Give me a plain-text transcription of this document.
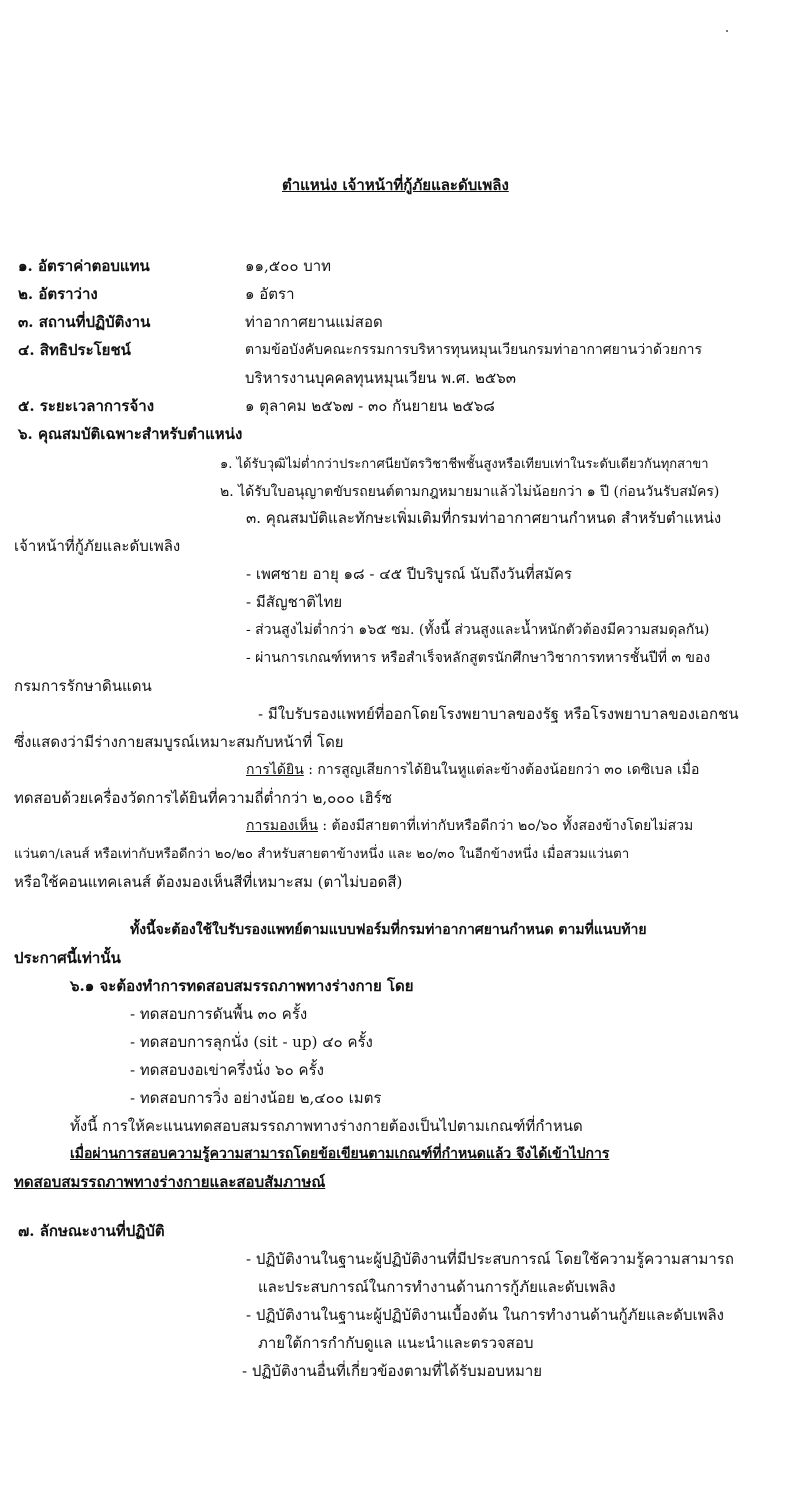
ตำแหน่ง เจ้าหน้าที่กู้ภัยและดับเพลิง
๑. อัตราค่าตอบแทน	๑๑,๕๐๐ บาท
๒. อัตราว่าง	๑ อัตรา
๓. สถานที่ปฏิบัติงาน	ท่าอากาศยานแม่สอด
๔. สิทธิประโยชน์	ตามข้อบังคับคณะกรรมการบริหารทุนหมุนเวียนกรมท่าอากาศยานว่าด้วยการ
บริหารงานบุคคลทุนหมุนเวียน พ.ศ. ๒๕๖๓
๕. ระยะเวลาการจ้าง	๑ ตุลาคม ๒๕๖๗ - ๓๐ กันยายน ๒๕๖๘
๖. คุณสมบัติเฉพาะสำหรับตำแหน่ง
๑. ได้รับวุฒิไม่ต่ำกว่าประกาศนียบัตรวิชาชีพชั้นสูงหรือเทียบเท่าในระดับเดียวกันทุกสาขา
๒. ได้รับใบอนุญาตขับรถยนต์ตามกฎหมายมาแล้วไม่น้อยกว่า ๑ ปี (ก่อนวันรับสมัคร)
๓. คุณสมบัติและทักษะเพิ่มเติมที่กรมท่าอากาศยานกำหนด สำหรับตำแหน่ง
เจ้าหน้าที่กู้ภัยและดับเพลิง
- เพศชาย อายุ ๑๘ - ๔๕ ปีบริบูรณ์ นับถึงวันที่สมัคร
- มีสัญชาติไทย
- ส่วนสูงไม่ต่ำกว่า ๑๖๕ ซม. (ทั้งนี้ ส่วนสูงและน้ำหนักตัวต้องมีความสมดุลกัน)
- ผ่านการเกณฑ์ทหาร หรือสำเร็จหลักสูตรนักศึกษาวิชาการทหารชั้นปีที่ ๓ ของ
กรมการรักษาดินแดน
- มีใบรับรองแพทย์ที่ออกโดยโรงพยาบาลของรัฐ หรือโรงพยาบาลของเอกชน
ซึ่งแสดงว่ามีร่างกายสมบูรณ์เหมาะสมกับหน้าที่ โดย
การได้ยิน : การสูญเสียการได้ยินในหูแต่ละข้างต้องน้อยกว่า ๓๐ เดซิเบล เมื่อ
ทดสอบด้วยเครื่องวัดการได้ยินที่ความถี่ต่ำกว่า ๒,๐๐๐ เฮิร์ซ
การมองเห็น : ต้องมีสายตาที่เท่ากับหรือดีกว่า ๒๐/๖๐ ทั้งสองข้างโดยไม่สวม
แว่นตา/เลนส์ หรือเท่ากับหรือดีกว่า ๒๐/๒๐ สำหรับสายตาข้างหนึ่ง และ ๒๐/๓๐ ในอีกข้างหนึ่ง เมื่อสวมแว่นตา
หรือใช้คอนแทคเลนส์ ต้องมองเห็นสีที่เหมาะสม (ตาไม่บอดสี)
ทั้งนี้จะต้องใช้ใบรับรองแพทย์ตามแบบฟอร์มที่กรมท่าอากาศยานกำหนด ตามที่แนบท้าย
ประกาศนี้เท่านั้น
๖.๑ จะต้องทำการทดสอบสมรรถภาพทางร่างกาย โดย
- ทดสอบการดันพื้น ๓๐ ครั้ง
- ทดสอบการลุกนั่ง (sit - up) ๔๐ ครั้ง
- ทดสอบงอเข่าครึ่งนั่ง ๖๐ ครั้ง
- ทดสอบการวิ่ง อย่างน้อย ๒,๔๐๐ เมตร
ทั้งนี้ การให้คะแนนทดสอบสมรรถภาพทางร่างกายต้องเป็นไปตามเกณฑ์ที่กำหนด
เมื่อผ่านการสอบความรู้ความสามารถโดยข้อเขียนตามเกณฑ์ที่กำหนดแล้ว จึงได้เข้าไปการ
ทดสอบสมรรถภาพทางร่างกายและสอบสัมภาษณ์
๗. ลักษณะงานที่ปฏิบัติ
- ปฏิบัติงานในฐานะผู้ปฏิบัติงานที่มีประสบการณ์ โดยใช้ความรู้ความสามารถ
และประสบการณ์ในการทำงานด้านการกู้ภัยและดับเพลิง
- ปฏิบัติงานในฐานะผู้ปฏิบัติงานเบื้องต้น ในการทำงานด้านกู้ภัยและดับเพลิง
ภายใต้การกำกับดูแล แนะนำและตรวจสอบ
- ปฏิบัติงานอื่นที่เกี่ยวข้องตามที่ได้รับมอบหมาย
